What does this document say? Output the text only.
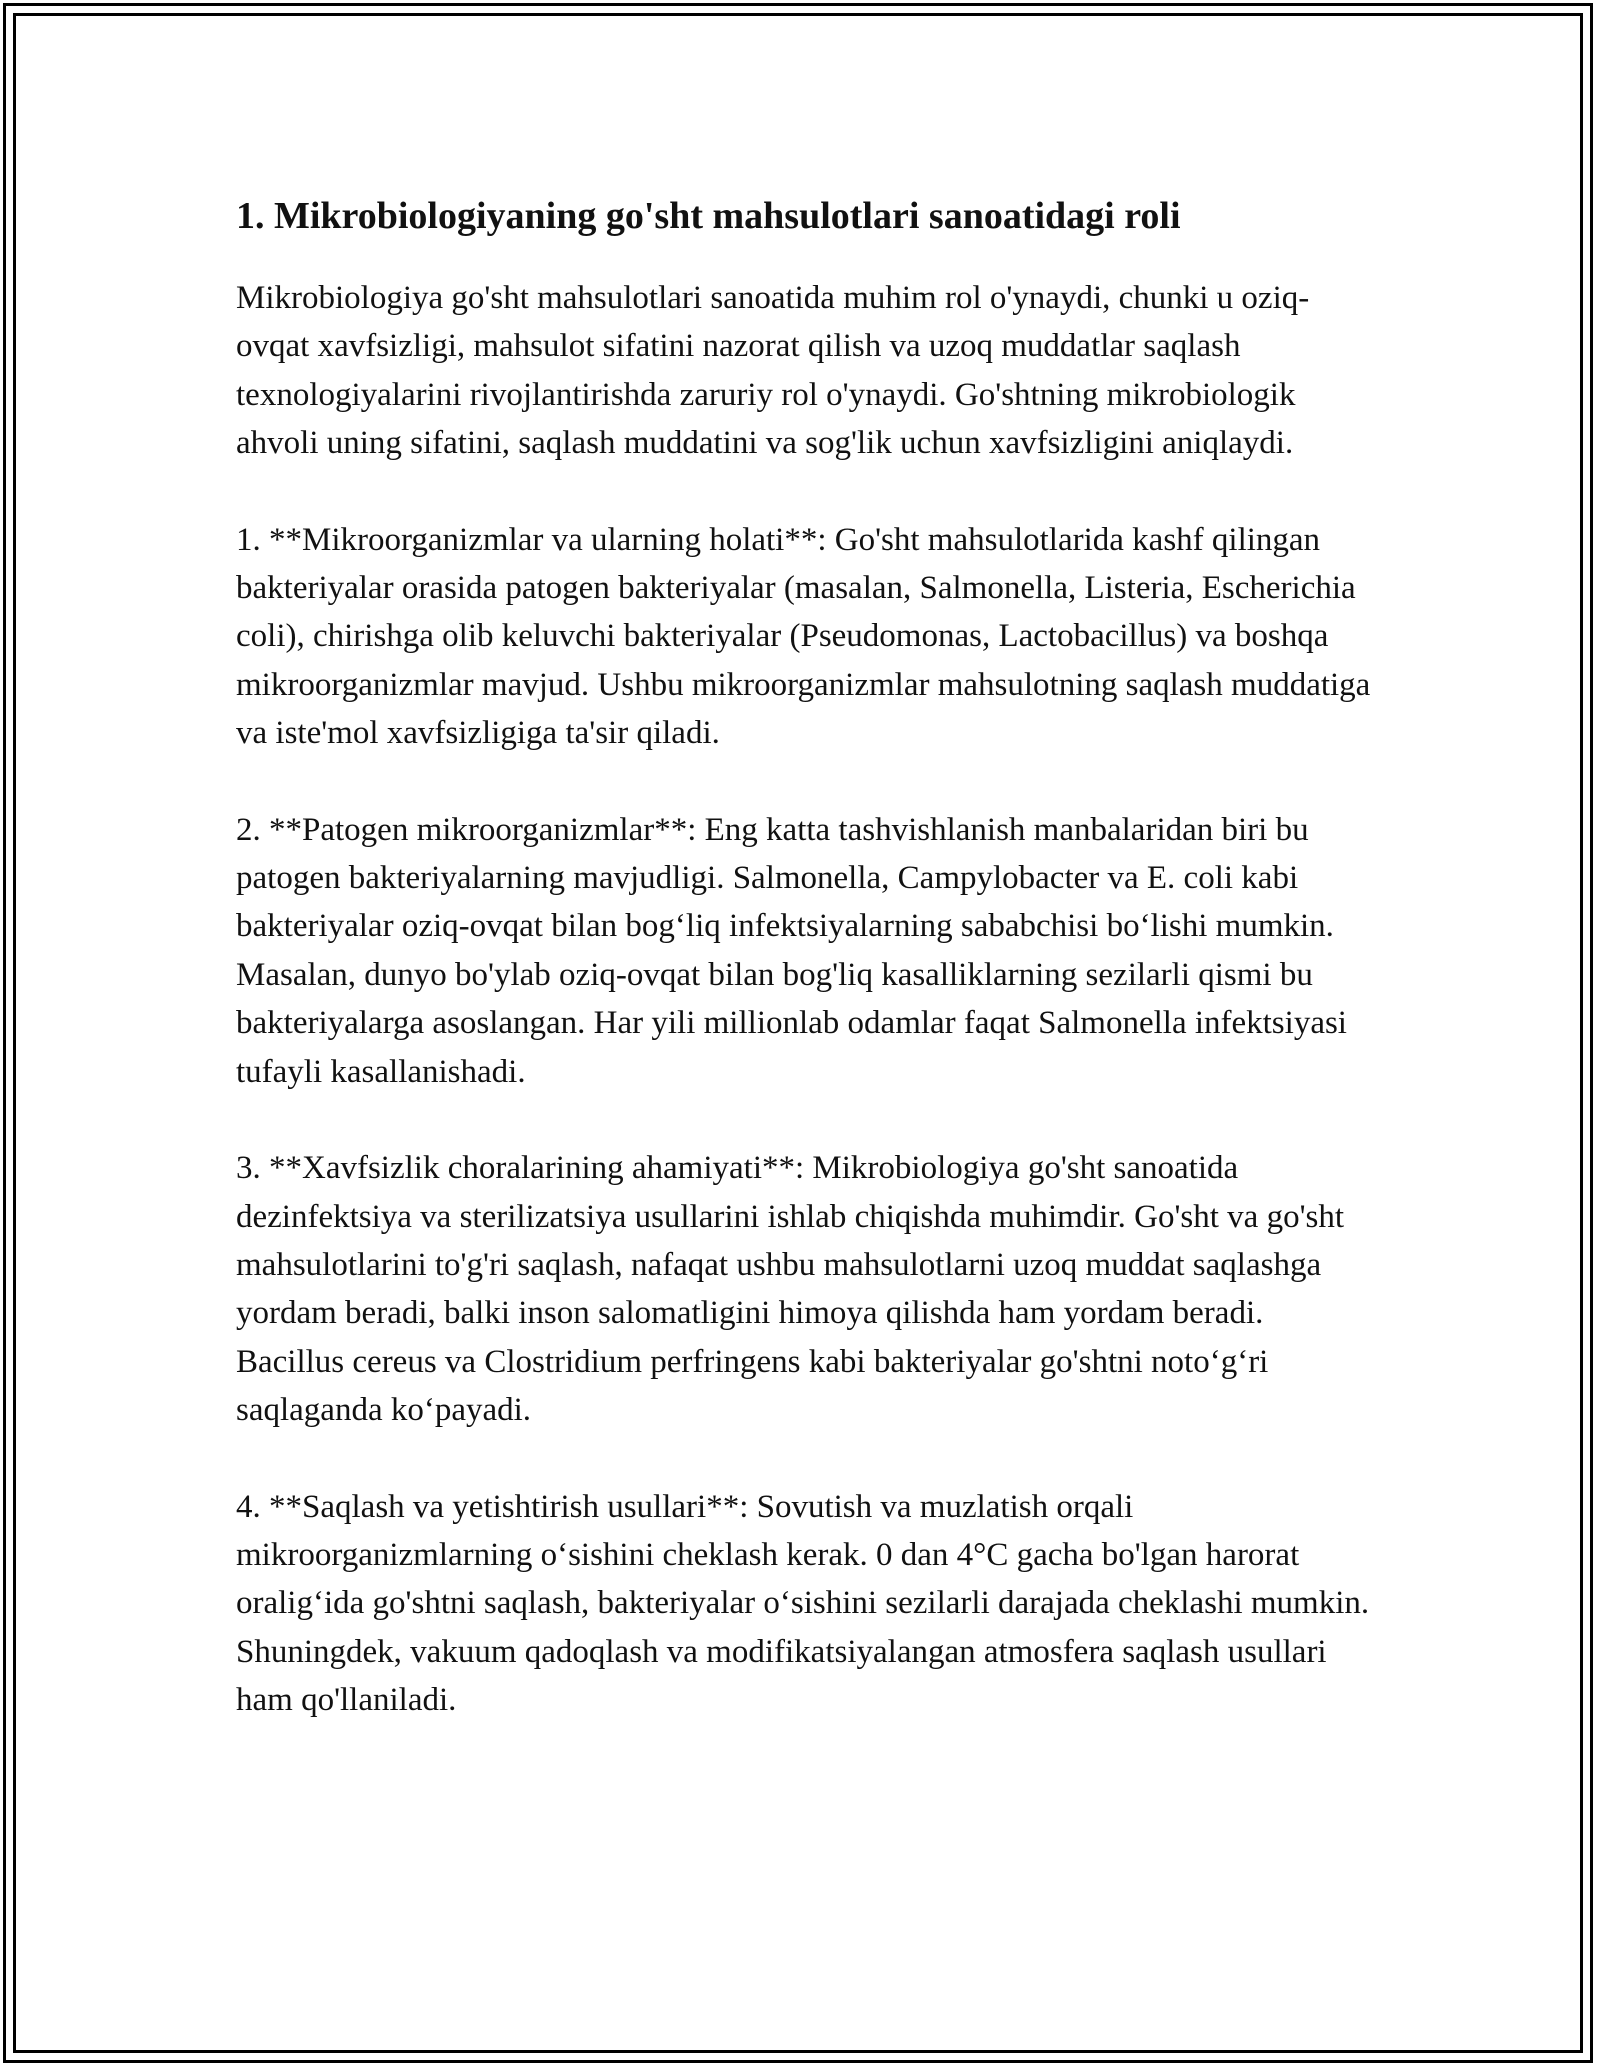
1. Mikrobiologiyaning go'sht mahsulotlari sanoatidagi roli

Mikrobiologiya go'sht mahsulotlari sanoatida muhim rol o'ynaydi, chunki u oziq-ovqat xavfsizligi, mahsulot sifatini nazorat qilish va uzoq muddatlar saqlash texnologiyalarini rivojlantirishda zaruriy rol o'ynaydi. Go'shtning mikrobiologik ahvoli uning sifatini, saqlash muddatini va sog'lik uchun xavfsizligini aniqlaydi.

1. **Mikroorganizmlar va ularning holati**: Go'sht mahsulotlarida kashf qilingan bakteriyalar orasida patogen bakteriyalar (masalan, Salmonella, Listeria, Escherichia coli), chirishga olib keluvchi bakteriyalar (Pseudomonas, Lactobacillus) va boshqa mikroorganizmlar mavjud. Ushbu mikroorganizmlar mahsulotning saqlash muddatiga va iste'mol xavfsizligiga ta'sir qiladi.

2. **Patogen mikroorganizmlar**: Eng katta tashvishlanish manbalaridan biri bu patogen bakteriyalarning mavjudligi. Salmonella, Campylobacter va E. coli kabi bakteriyalar oziq-ovqat bilan bog‘liq infektsiyalarning sababchisi bo‘lishi mumkin. Masalan, dunyo bo'ylab oziq-ovqat bilan bog'liq kasalliklarning sezilarli qismi bu bakteriyalarga asoslangan. Har yili millionlab odamlar faqat Salmonella infektsiyasi tufayli kasallanishadi.

3. **Xavfsizlik choralarining ahamiyati**: Mikrobiologiya go'sht sanoatida dezinfektsiya va sterilizatsiya usullarini ishlab chiqishda muhimdir. Go'sht va go'sht mahsulotlarini to'g'ri saqlash, nafaqat ushbu mahsulotlarni uzoq muddat saqlashga yordam beradi, balki inson salomatligini himoya qilishda ham yordam beradi. Bacillus cereus va Clostridium perfringens kabi bakteriyalar go'shtni noto‘g‘ri saqlaganda ko‘payadi.

4. **Saqlash va yetishtirish usullari**: Sovutish va muzlatish orqali mikroorganizmlarning o‘sishini cheklash kerak. 0 dan 4°C gacha bo'lgan harorat oralig‘ida go'shtni saqlash, bakteriyalar o‘sishini sezilarli darajada cheklashi mumkin. Shuningdek, vakuum qadoqlash va modifikatsiyalangan atmosfera saqlash usullari ham qo'llaniladi.
